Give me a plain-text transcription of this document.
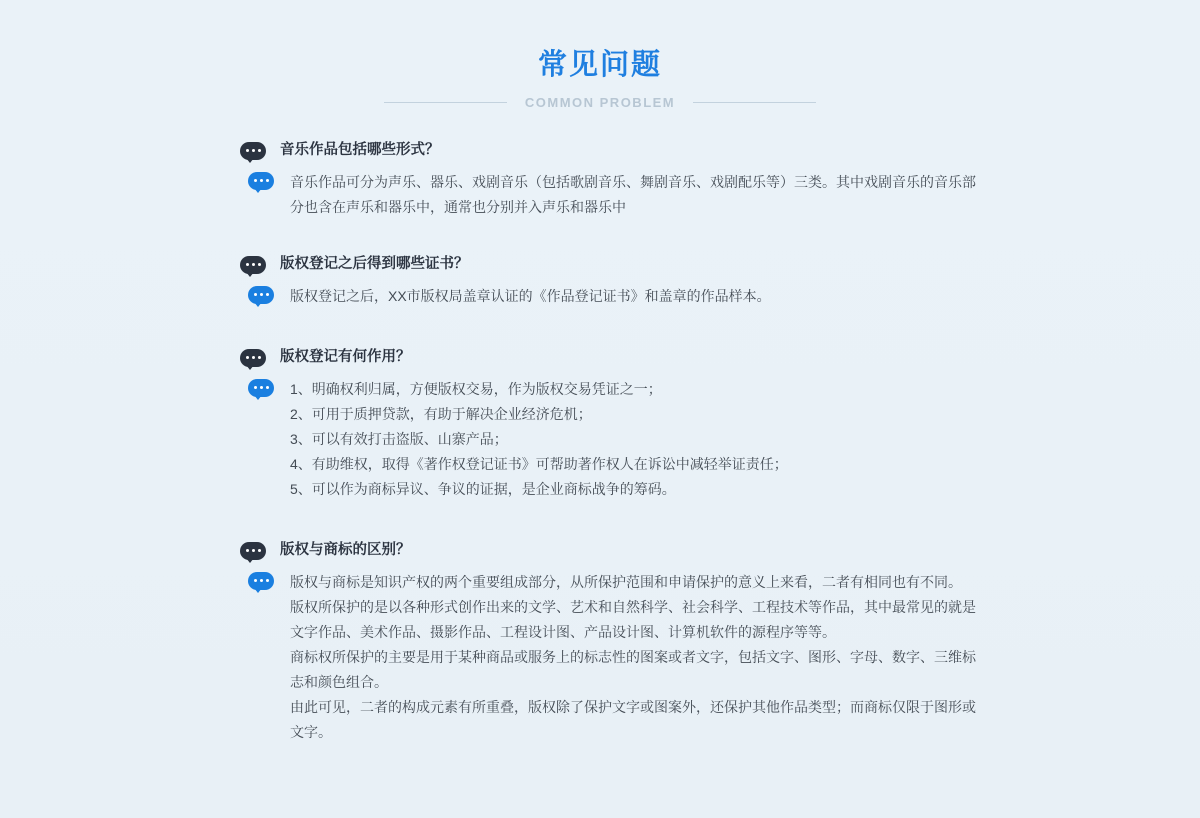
常见问题
COMMON PROBLEM
音乐作品包括哪些形式？

音乐作品可分为声乐、器乐、戏剧音乐（包括歌剧音乐、舞剧音乐、戏剧配乐等）三类。其中戏剧音乐的音乐部

分也含在声乐和器乐中，通常也分别并入声乐和器乐中

版权登记之后得到哪些证书？

版权登记之后，XX市版权局盖章认证的《作品登记证书》和盖章的作品样本。

版权登记有何作用？

1、明确权利归属，方便版权交易，作为版权交易凭证之一；

2、可用于质押贷款，有助于解决企业经济危机；

3、可以有效打击盗版、山寨产品；

4、有助维权，取得《著作权登记证书》可帮助著作权人在诉讼中减轻举证责任；

5、可以作为商标异议、争议的证据，是企业商标战争的筹码。

版权与商标的区别？

版权与商标是知识产权的两个重要组成部分，从所保护范围和申请保护的意义上来看，二者有相同也有不同。

版权所保护的是以各种形式创作出来的文学、艺术和自然科学、社会科学、工程技术等作品，其中最常见的就是

文字作品、美术作品、摄影作品、工程设计图、产品设计图、计算机软件的源程序等等。

商标权所保护的主要是用于某种商品或服务上的标志性的图案或者文字，包括文字、图形、字母、数字、三维标

志和颜色组合。

由此可见，二者的构成元素有所重叠，版权除了保护文字或图案外，还保护其他作品类型；而商标仅限于图形或

文字。
